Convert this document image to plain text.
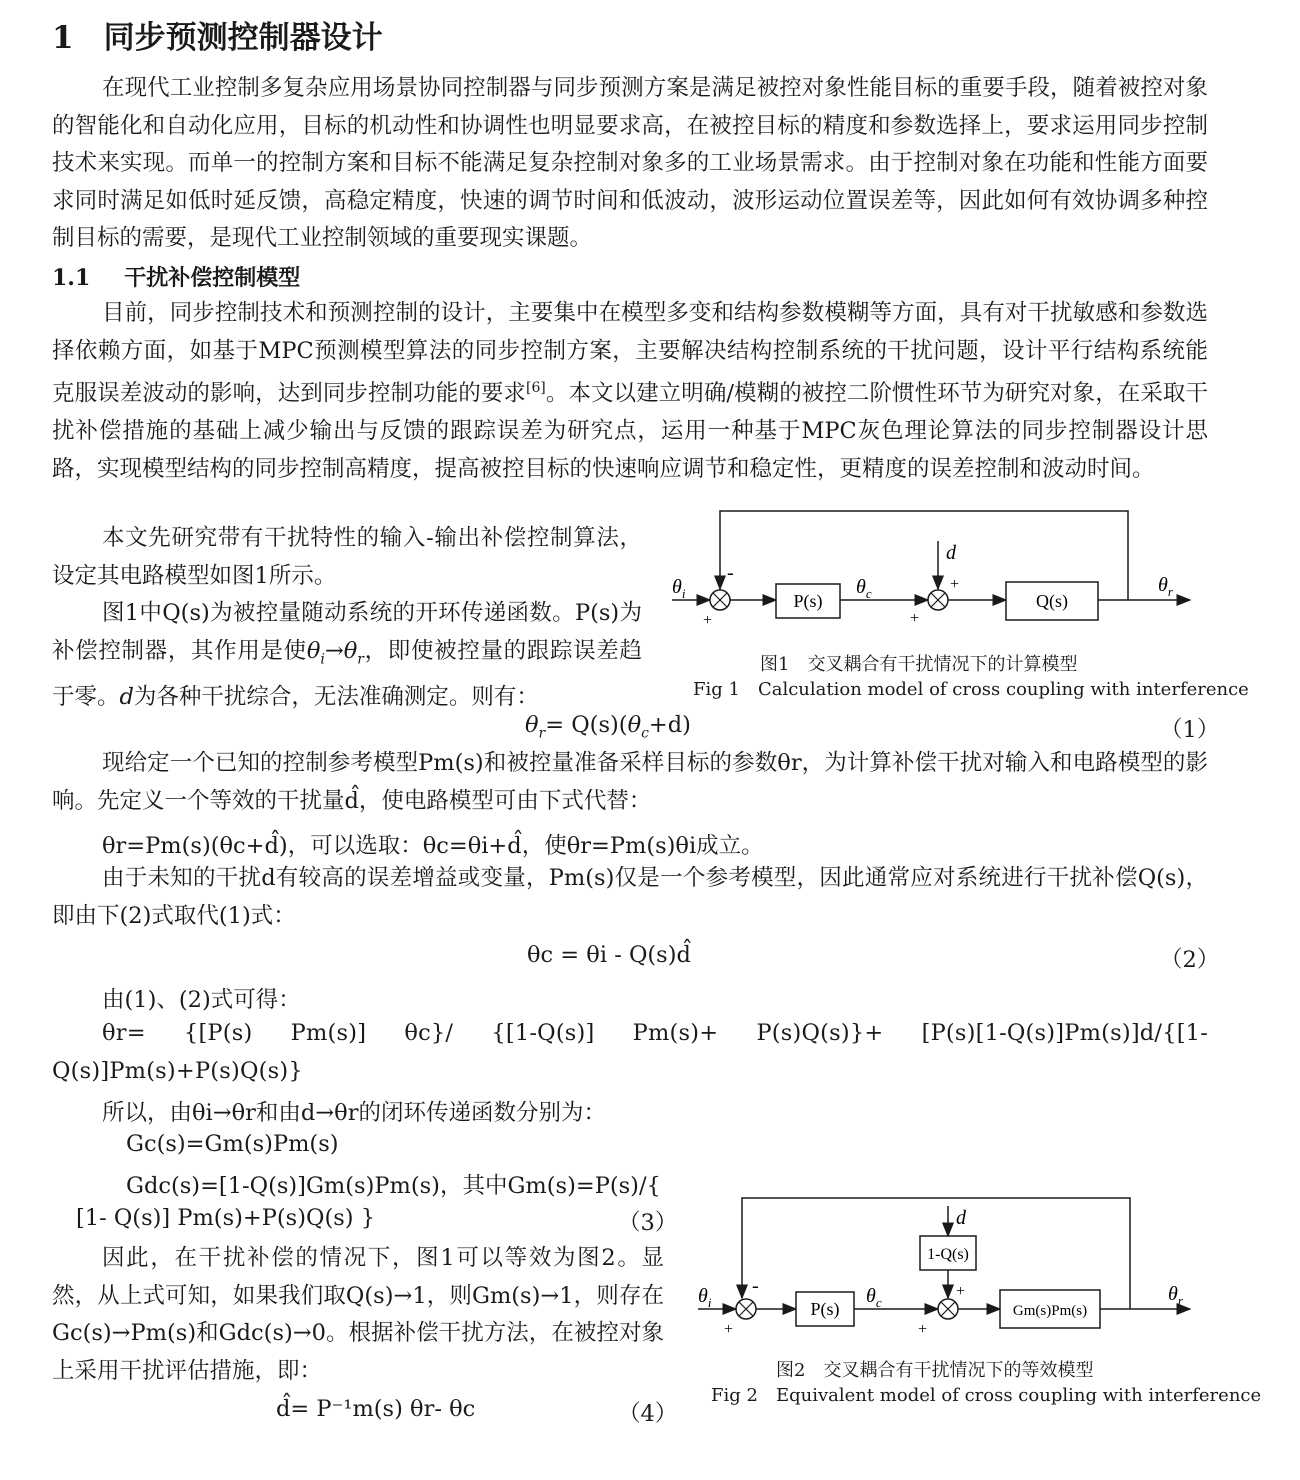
1 同步预测控制器设计
在现代工业控制多复杂应用场景协同控制器与同步预测方案是满足被控对象性能目标的重要手段，随着被控对象的智能化和自动化应用，目标的机动性和协调性也明显要求高，在被控目标的精度和参数选择上，要求运用同步控制技术来实现。而单一的控制方案和目标不能满足复杂控制对象多的工业场景需求。由于控制对象在功能和性能方面要求同时满足如低时延反馈，高稳定精度，快速的调节时间和低波动，波形运动位置误差等，因此如何有效协调多种控制目标的需要，是现代工业控制领域的重要现实课题。
1.1 干扰补偿控制模型
目前，同步控制技术和预测控制的设计，主要集中在模型多变和结构参数模糊等方面，具有对干扰敏感和参数选择依赖方面，如基于MPC预测模型算法的同步控制方案，主要解决结构控制系统的干扰问题，设计平行结构系统能克服误差波动的影响，达到同步控制功能的要求[6]。本文以建立明确/模糊的被控二阶惯性环节为研究对象，在采取干扰补偿措施的基础上减少输出与反馈的跟踪误差为研究点，运用一种基于MPC灰色理论算法的同步控制器设计思路，实现模型结构的同步控制高精度，提高被控目标的快速响应调节和稳定性，更精度的误差控制和波动时间。
本文先研究带有干扰特性的输入-输出补偿控制算法，设定其电路模型如图1所示。
图1中Q(s)为被控量随动系统的开环传递函数。P(s)为补偿控制器，其作用是使$\theta_i\to\theta_r$，即使被控量的跟踪误差趋于零。d为各种干扰综合，无法准确测定。则有：
$\theta_i$
-
+
P(s)
$\theta_c$
+
d
+
Q(s)
$\theta_r$
图1　交叉耦合有干扰情况下的计算模型
Fig 1　Calculation model of cross coupling with interference
$\theta_r= Q(s)(\theta_c+d)$	（1）
现给定一个已知的控制参考模型Pm(s)和被控量准备采样目标的参数θr，为计算补偿干扰对输入和电路模型的影响。先定义一个等效的干扰量d̂，使电路模型可由下式代替：
θr=Pm(s)(θc+d̂)，可以选取：θc=θi+d̂，使θr=Pm(s)θi成立。
由于未知的干扰d有较高的误差增益或变量，Pm(s)仅是一个参考模型，因此通常应对系统进行干扰补偿Q(s)，即由下(2)式取代(1)式：
θc = θi - Q(s)d̂	（2）
由(1)、(2)式可得：
θr= {[P(s) Pm(s)] θc}/ {[1-Q(s)] Pm(s)+ P(s)Q(s)}+ [P(s)[1-Q(s)]Pm(s)]d/{[1-Q(s)]Pm(s)+P(s)Q(s)}
所以，由θi→θr和由d→θr的闭环传递函数分别为：
Gc(s)=Gm(s)Pm(s)
Gdc(s)=[1-Q(s)]Gm(s)Pm(s)，其中Gm(s)=P(s)/{
[1- Q(s)] Pm(s)+P(s)Q(s) }	（3）
因此，在干扰补偿的情况下，图1可以等效为图2。显然，从上式可知，如果我们取Q(s)→1，则Gm(s)→1，则存在Gc(s)→Pm(s)和Gdc(s)→0。根据补偿干扰方法，在被控对象上采用干扰评估措施，即：
d̂= P⁻¹m(s) θr- θc	（4）
$\theta_i$
-
+
P(s)
$\theta_c$
+
d
1-Q(s)
+
Gm(s)Pm(s)
$\theta_r$
图2　交叉耦合有干扰情况下的等效模型
Fig 2　Equivalent model of cross coupling with interference
